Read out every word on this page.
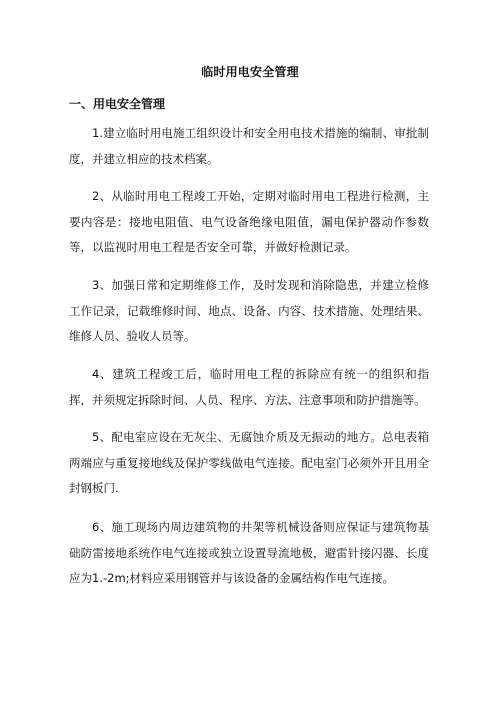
临时用电安全管理
一、用电安全管理

1.建立临时用电施工组织设计和安全用电技术措施的编制、审批制度，并建立相应的技术档案。

2、从临时用电工程竣工开始，定期对临时用电工程进行检测，主要内容是：接地电阻值、电气设备绝缘电阻值，漏电保护器动作参数等，以监视时用电工程是否安全可靠，并做好检测记录。

3、加强日常和定期维修工作，及时发现和消除隐患，并建立检修工作记录，记载维修时间、地点、设备、内容、技术措施、处理结果、维修人员、验收人员等。

4、建筑工程竣工后，临时用电工程的拆除应有统一的组织和指挥，并须规定拆除时间、人员、程序、方法、注意事项和防护措施等。

5、配电室应设在无灰尘、无腐蚀介质及无振动的地方。总电表箱两端应与重复接地线及保护零线做电气连接。配电室门必须外开且用全封钢板门.

6、施工现场内周边建筑物的井架等机械设备则应保证与建筑物基础防雷接地系统作电气连接或独立设置导流地极，避雷针接闪器、长度应为1.-2m;材料应采用钢管并与该设备的金属结构作电气连接。
